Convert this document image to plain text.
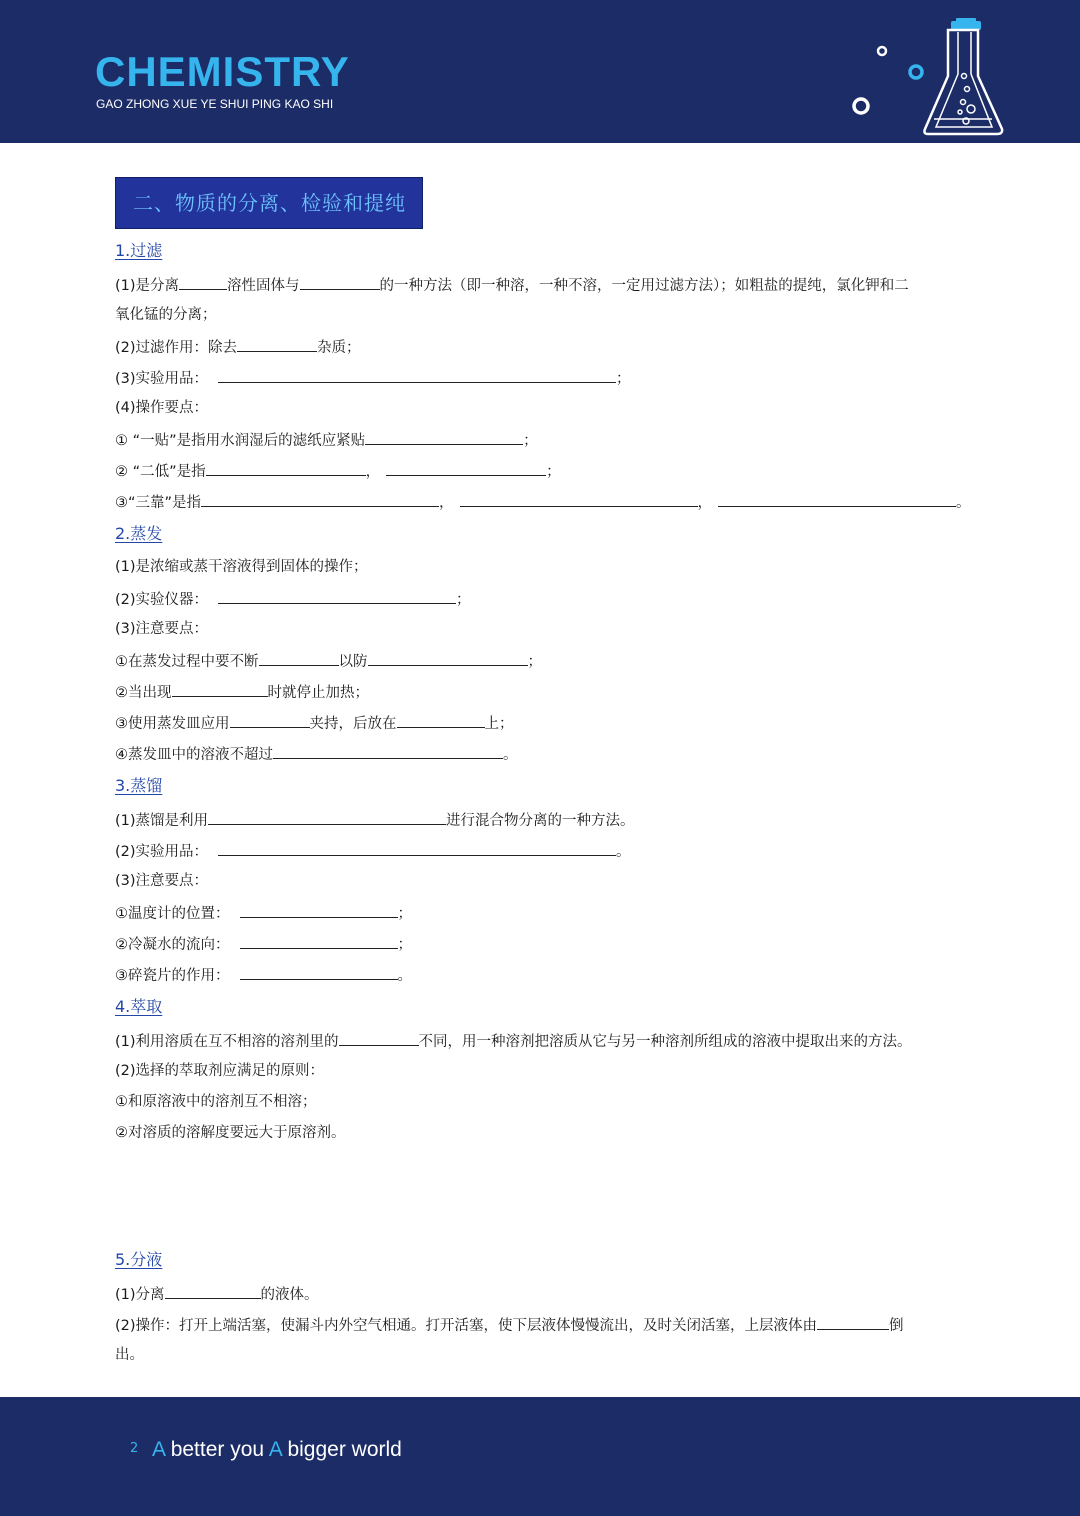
CHEMISTRY
GAO ZHONG XUE YE SHUI PING KAO SHI
二、物质的分离、检验和提纯
1.过滤
(1)是分离	溶性固体与	的一种方法（即一种溶，一种不溶，一定用过滤方法）；如粗盐的提纯，氯化钾和二
氧化锰的分离；
(2)过滤作用：除去	杂质；
(3)实验用品：	；
(4)操作要点：
① “一贴”是指用水润湿后的滤纸应紧贴	；
② “二低”是指	，	；
③“三靠”是指	，	，	。
2.蒸发
(1)是浓缩或蒸干溶液得到固体的操作；
(2)实验仪器：	；
(3)注意要点：
①在蒸发过程中要不断	以防	；
②当出现	时就停止加热；
③使用蒸发皿应用	夹持，后放在	上；
④蒸发皿中的溶液不超过	。
3.蒸馏
(1)蒸馏是利用	进行混合物分离的一种方法。
(2)实验用品：	。
(3)注意要点：
①温度计的位置：	；
②冷凝水的流向：	；
③碎瓷片的作用：	。
4.萃取
(1)利用溶质在互不相溶的溶剂里的	不同，用一种溶剂把溶质从它与另一种溶剂所组成的溶液中提取出来的方法。
(2)选择的萃取剂应满足的原则：
①和原溶液中的溶剂互不相溶；
②对溶质的溶解度要远大于原溶剂。
5.分液
(1)分离	的液体。
(2)操作：打开上端活塞，使漏斗内外空气相通。打开活塞，使下层液体慢慢流出，及时关闭活塞，上层液体由	倒
出。
2 A better you A bigger world
